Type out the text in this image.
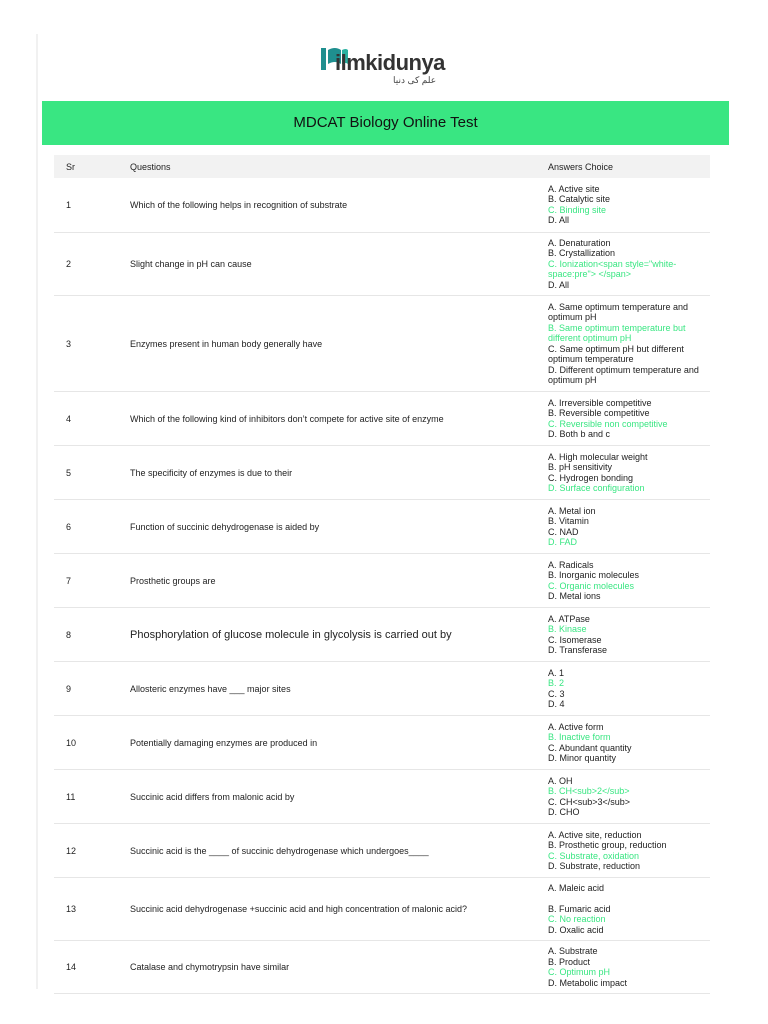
ilmkidunya
علم کی دنیا
MDCAT Biology Online Test
Sr	Questions	Answers Choice
1	Which of the following helps in recognition of substrate	A. Active site
B. Catalytic site
C. Binding site
D. All

2	Slight change in pH can cause	A. Denaturation
B. Crystallization
C. Ionization<span style="white-space:pre"> </span>
D. All

3	Enzymes present in human body generally have	A. Same optimum temperature and optimum pH
B. Same optimum temperature but different optimum pH
C. Same optimum pH but different optimum temperature
D. Different optimum temperature and optimum pH

4	Which of the following kind of inhibitors don’t compete for active site of enzyme	A. Irreversible competitive
B. Reversible competitive
C. Reversible non competitive
D. Both b and c

5	The specificity of enzymes is due to their	A. High molecular weight
B. pH sensitivity
C. Hydrogen bonding
D. Surface configuration

6	Function of succinic dehydrogenase is aided by	A. Metal ion
B. Vitamin
C. NAD
D. FAD

7	Prosthetic groups are	A. Radicals
B. Inorganic molecules
C. Organic molecules
D. Metal ions

8	Phosphorylation of glucose molecule in glycolysis is carried out by	A. ATPase
B. Kinase
C. Isomerase
D. Transferase

9	Allosteric enzymes have ___ major sites	A. 1
B. 2
C. 3
D. 4

10	Potentially damaging enzymes are produced in	A. Active form
B. Inactive form
C. Abundant quantity
D. Minor quantity

11	Succinic acid differs from malonic acid by	A. OH
B. CH<sub>2</sub>
C. CH<sub>3</sub>
D. CHO

12	Succinic acid is the ____ of succinic dehydrogenase which undergoes____	A. Active site, reduction
B. Prosthetic group, reduction
C. Substrate, oxidation
D. Substrate, reduction

13	Succinic acid dehydrogenase +succinic acid and high concentration of malonic acid?	A. Maleic acid
B. Fumaric acid
C. No reaction
D. Oxalic acid

14	Catalase and chymotrypsin have similar	A. Substrate
B. Product
C. Optimum pH
D. Metabolic impact
